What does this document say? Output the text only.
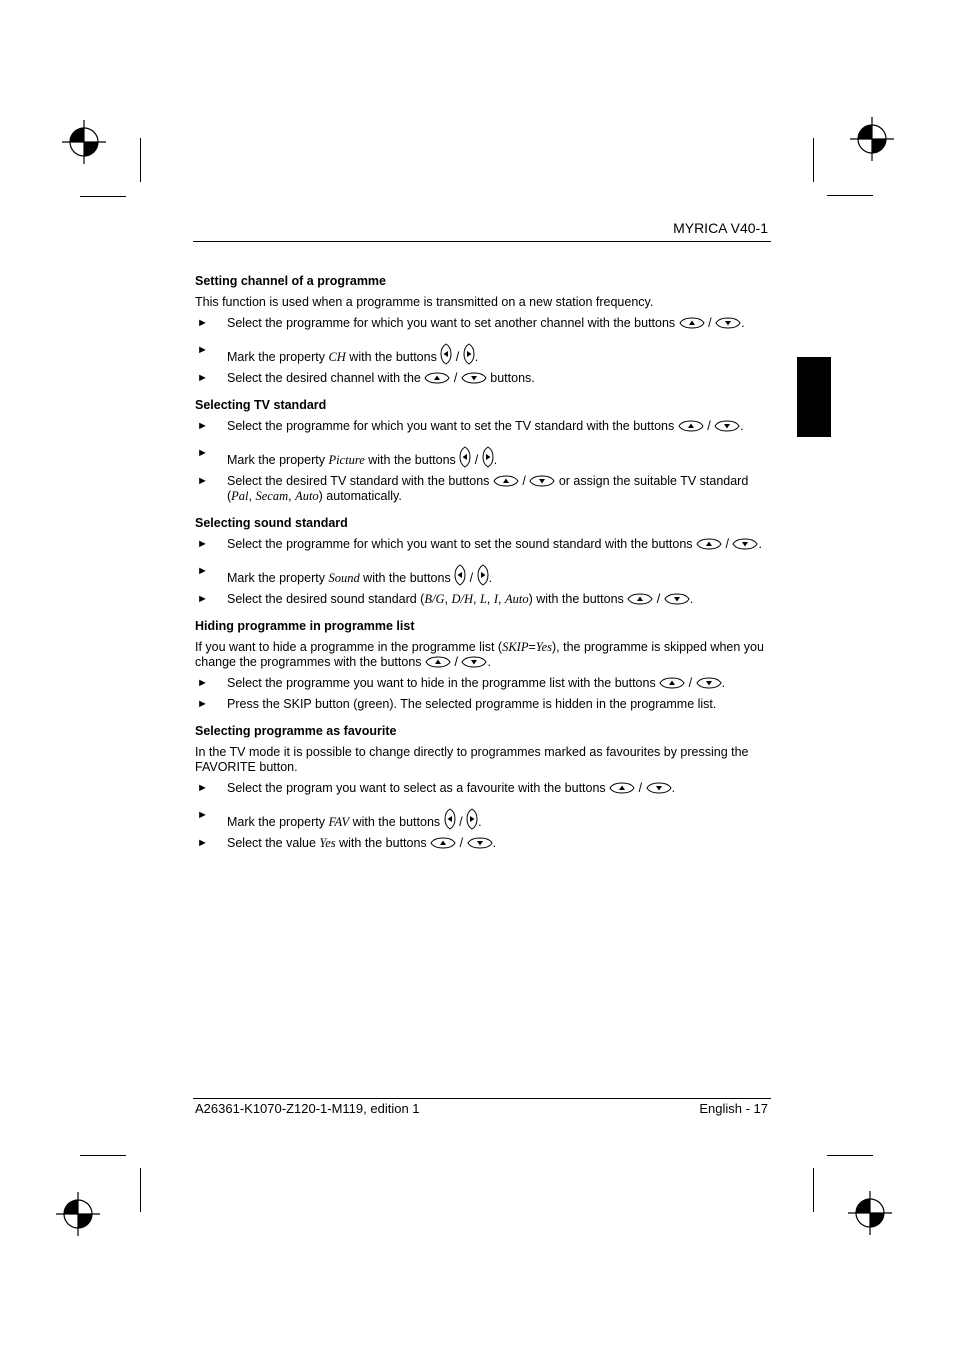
MYRICA V40-1
Setting channel of a programme

This function is used when a programme is transmitted on a new station frequency.

► Select the programme for which you want to set another channel with the buttons  / .
► Mark the property CH with the buttons  / .
► Select the desired channel with the  /  buttons.
Selecting TV standard
► Select the programme for which you want to set the TV standard with the buttons  / .
► Mark the property Picture with the buttons  / .
► Select the desired TV standard with the buttons  /  or assign the suitable TV standard (Pal, Secam, Auto) automatically.
Selecting sound standard
► Select the programme for which you want to set the sound standard with the buttons  / .
► Mark the property Sound with the buttons  / .
► Select the desired sound standard (B/G, D/H, L, I, Auto) with the buttons  / .
Hiding programme in programme list

If you want to hide a programme in the programme list (SKIP=Yes), the programme is skipped when you change the programmes with the buttons  / .

► Select the programme you want to hide in the programme list with the buttons  / .
► Press the SKIP button (green). The selected programme is hidden in the programme list.
Selecting programme as favourite

In the TV mode it is possible to change directly to programmes marked as favourites by pressing the FAVORITE button.

► Select the program you want to select as a favourite with the buttons  / .
► Mark the property FAV with the buttons  / .
► Select the value Yes with the buttons  / .
A26361-K1070-Z120-1-M119, edition 1	English - 17
